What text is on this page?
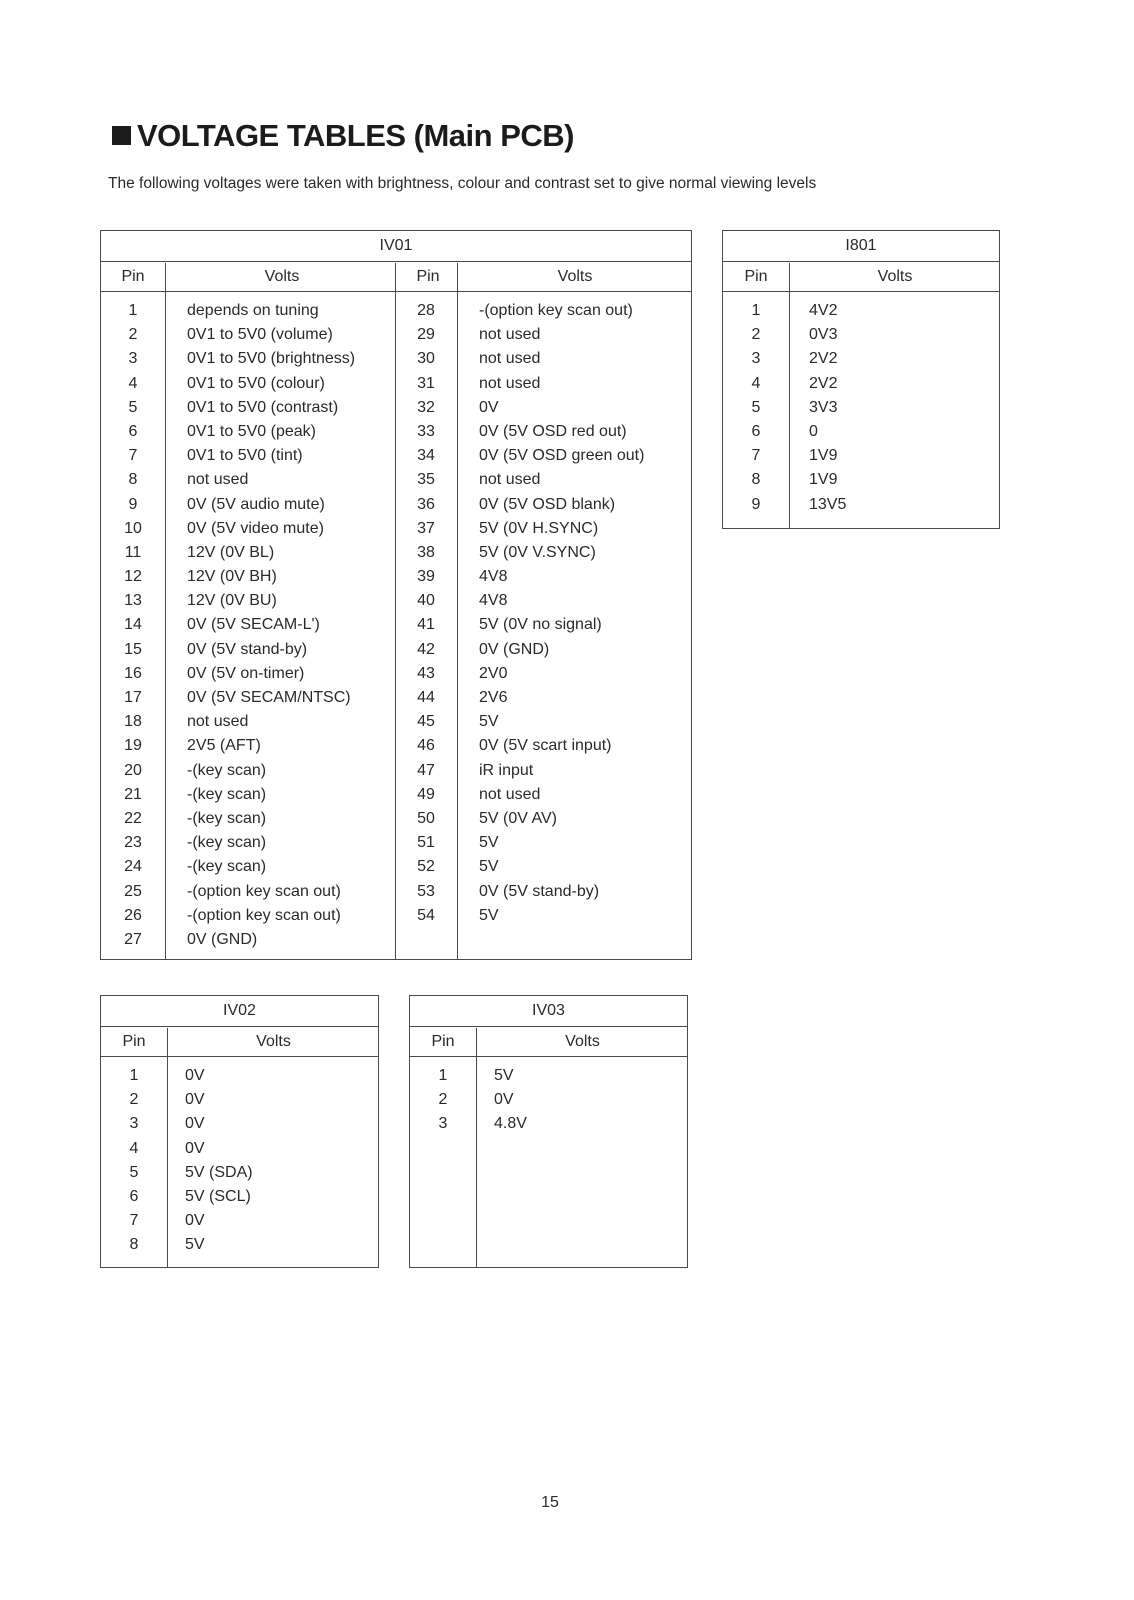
VOLTAGE TABLES (Main PCB)
The following voltages were taken with brightness, colour and contrast set to give normal viewing levels
IV01
Pin	Volts	Pin	Volts
1	depends on tuning	28	-(option key scan out)
2	0V1 to 5V0 (volume)	29	not used
3	0V1 to 5V0 (brightness)	30	not used
4	0V1 to 5V0 (colour)	31	not used
5	0V1 to 5V0 (contrast)	32	0V
6	0V1 to 5V0 (peak)	33	0V (5V OSD red out)
7	0V1 to 5V0 (tint)	34	0V (5V OSD green out)
8	not used	35	not used
9	0V (5V audio mute)	36	0V (5V OSD blank)
10	0V (5V video mute)	37	5V (0V H.SYNC)
11	12V (0V BL)	38	5V (0V V.SYNC)
12	12V (0V BH)	39	4V8
13	12V (0V BU)	40	4V8
14	0V (5V SECAM-L')	41	5V (0V no signal)
15	0V (5V stand-by)	42	0V (GND)
16	0V (5V on-timer)	43	2V0
17	0V (5V SECAM/NTSC)	44	2V6
18	not used	45	5V
19	2V5 (AFT)	46	0V (5V scart input)
20	-(key scan)	47	iR input
21	-(key scan)	49	not used
22	-(key scan)	50	5V (0V AV)
23	-(key scan)	51	5V
24	-(key scan)	52	5V
25	-(option key scan out)	53	0V (5V stand-by)
26	-(option key scan out)	54	5V
27	0V (GND)
I801
Pin	Volts
1	4V2
2	0V3
3	2V2
4	2V2
5	3V3
6	0
7	1V9
8	1V9
9	13V5
IV02
Pin	Volts
1	0V
2	0V
3	0V
4	0V
5	5V (SDA)
6	5V (SCL)
7	0V
8	5V
IV03
Pin	Volts
1	5V
2	0V
3	4.8V
15
